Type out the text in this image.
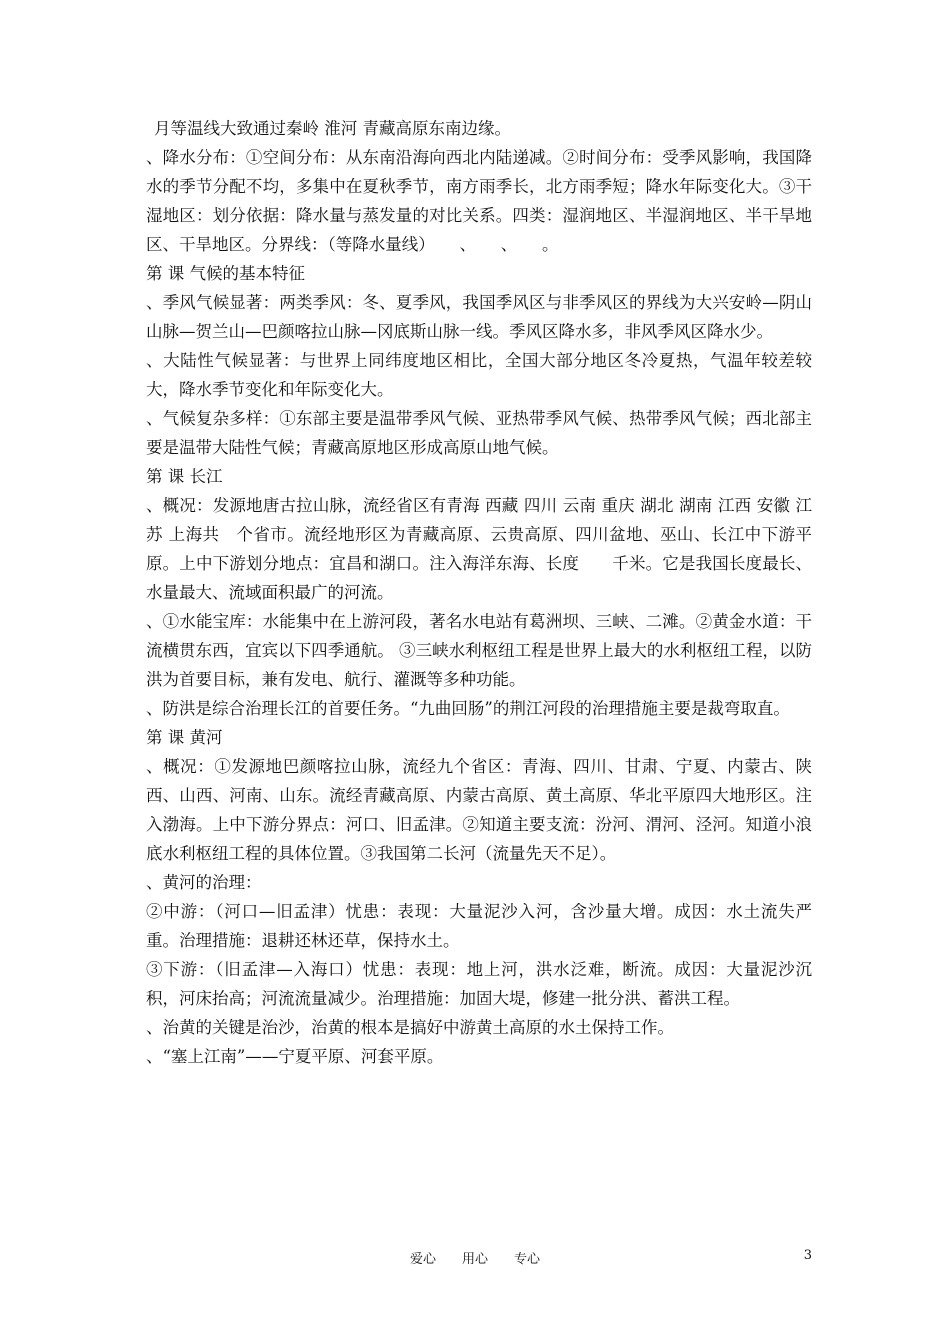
月等温线大致通过秦岭 淮河 青藏高原东南边缘。

、降水分布：①空间分布：从东南沿海向西北内陆递减。②时间分布：受季风影响，我国降水的季节分配不均，多集中在夏秋季节，南方雨季长，北方雨季短；降水年际变化大。③干湿地区：划分依据：降水量与蒸发量的对比关系。四类：湿润地区、半湿润地区、半干旱地区、干旱地区。分界线：（等降水量线）　　、　　、　　。

第 课 气候的基本特征

、季风气候显著：两类季风：冬、夏季风，我国季风区与非季风区的界线为大兴安岭—阴山山脉—贺兰山—巴颜喀拉山脉—冈底斯山脉一线。季风区降水多，非风季风区降水少。

、大陆性气候显著：与世界上同纬度地区相比，全国大部分地区冬冷夏热，气温年较差较大，降水季节变化和年际变化大。

、气候复杂多样：①东部主要是温带季风气候、亚热带季风气候、热带季风气候；西北部主要是温带大陆性气候；青藏高原地区形成高原山地气候。

第 课 长江

、概况：发源地唐古拉山脉，流经省区有青海 西藏 四川 云南 重庆 湖北 湖南 江西 安徽 江苏 上海共　个省市。流经地形区为青藏高原、云贵高原、四川盆地、巫山、长江中下游平原。上中下游划分地点：宜昌和湖口。注入海洋东海、长度　　千米。它是我国长度最长、水量最大、流域面积最广的河流。

、①水能宝库：水能集中在上游河段，著名水电站有葛洲坝、三峡、二滩。②黄金水道：干流横贯东西，宜宾以下四季通航。 ③三峡水利枢纽工程是世界上最大的水利枢纽工程，以防洪为首要目标，兼有发电、航行、灌溉等多种功能。

、防洪是综合治理长江的首要任务。“九曲回肠”的荆江河段的治理措施主要是裁弯取直。

第 课 黄河

、概况：①发源地巴颜喀拉山脉，流经九个省区：青海、四川、甘肃、宁夏、内蒙古、陕西、山西、河南、山东。流经青藏高原、内蒙古高原、黄土高原、华北平原四大地形区。注入渤海。上中下游分界点：河口、旧孟津。②知道主要支流：汾河、渭河、泾河。知道小浪底水利枢纽工程的具体位置。③我国第二长河（流量先天不足）。

、黄河的治理：

②中游：（河口—旧孟津）忧患：表现：大量泥沙入河，含沙量大增。成因：水土流失严重。治理措施：退耕还林还草，保持水土。

③下游：（旧孟津—入海口）忧患：表现：地上河，洪水泛难，断流。成因：大量泥沙沉积，河床抬高；河流流量减少。治理措施：加固大堤，修建一批分洪、蓄洪工程。

、治黄的关键是治沙，治黄的根本是搞好中游黄土高原的水土保持工作。

、“塞上江南”——宁夏平原、河套平原。

爱心　　用心　　专心	3
